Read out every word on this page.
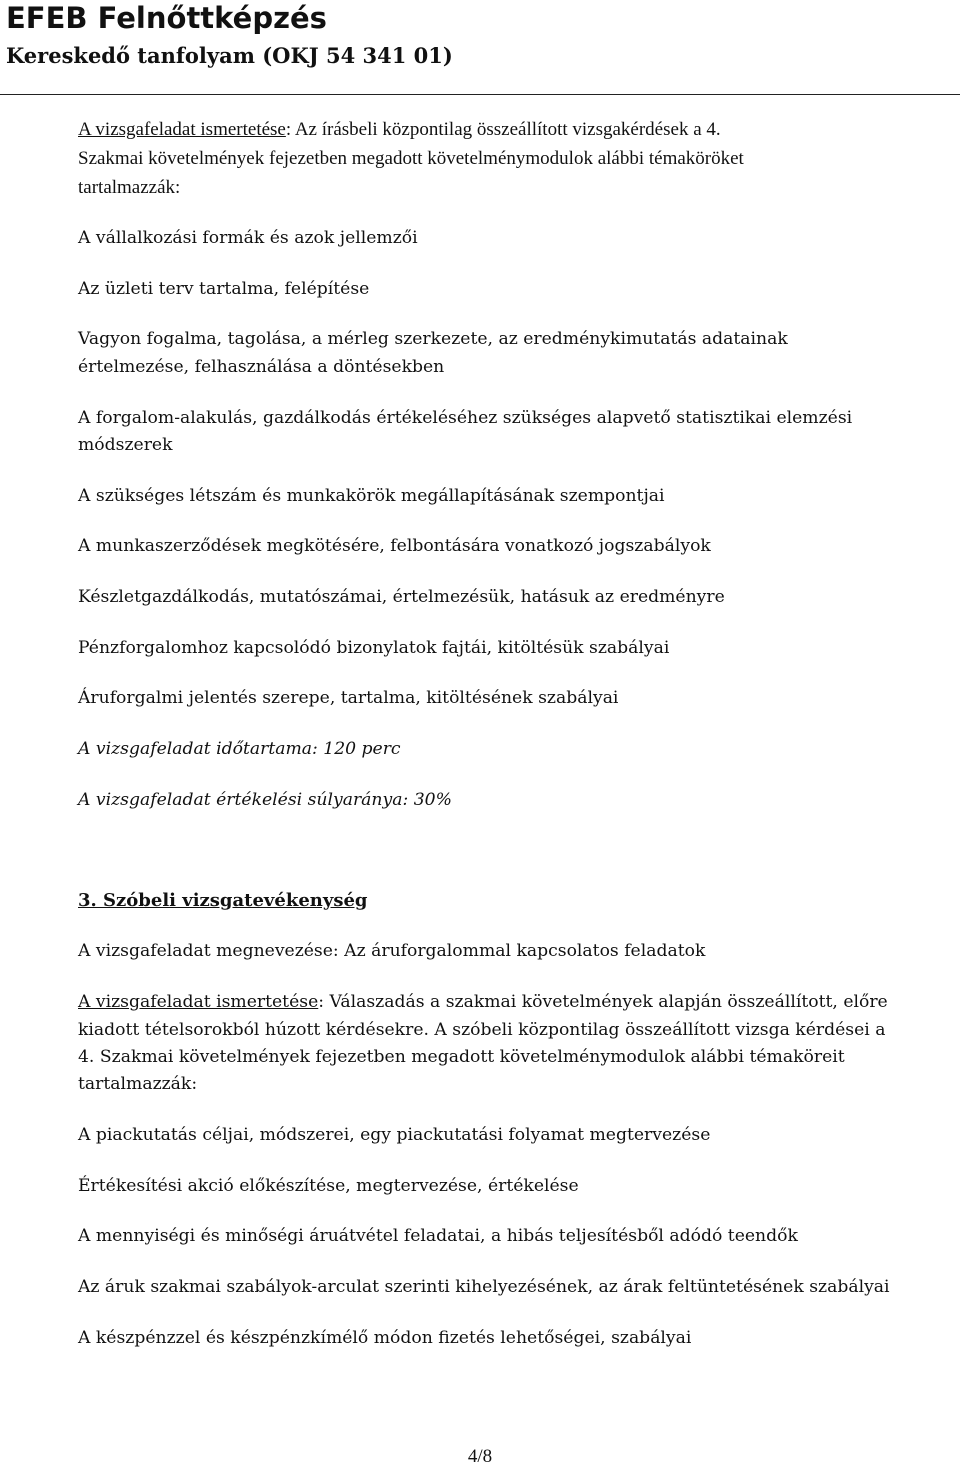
EFEB Felnőttképzés
Kereskedő tanfolyam (OKJ 54 341 01)
A vizsgafeladat ismertetése: Az írásbeli központilag összeállított vizsgakérdések a 4.
Szakmai követelmények fejezetben megadott követelménymodulok alábbi témaköröket
tartalmazzák:
A vállalkozási formák és azok jellemzői
Az üzleti terv tartalma, felépítése
Vagyon fogalma, tagolása, a mérleg szerkezete, az eredménykimutatás adatainak
értelmezése, felhasználása a döntésekben
A forgalom-alakulás, gazdálkodás értékeléséhez szükséges alapvető statisztikai elemzési
módszerek
A szükséges létszám és munkakörök megállapításának szempontjai
A munkaszerződések megkötésére, felbontására vonatkozó jogszabályok
Készletgazdálkodás, mutatószámai, értelmezésük, hatásuk az eredményre
Pénzforgalomhoz kapcsolódó bizonylatok fajtái, kitöltésük szabályai
Áruforgalmi jelentés szerepe, tartalma, kitöltésének szabályai
A vizsgafeladat időtartama: 120 perc
A vizsgafeladat értékelési súlyaránya: 30%
3. Szóbeli vizsgatevékenység
A vizsgafeladat megnevezése: Az áruforgalommal kapcsolatos feladatok
A vizsgafeladat ismertetése: Válaszadás a szakmai követelmények alapján összeállított, előre
kiadott tételsorokból húzott kérdésekre. A szóbeli központilag összeállított vizsga kérdései a
4. Szakmai követelmények fejezetben megadott követelménymodulok alábbi témaköreit
tartalmazzák:
A piackutatás céljai, módszerei, egy piackutatási folyamat megtervezése
Értékesítési akció előkészítése, megtervezése, értékelése
A mennyiségi és minőségi áruátvétel feladatai, a hibás teljesítésből adódó teendők
Az áruk szakmai szabályok-arculat szerinti kihelyezésének, az árak feltüntetésének szabályai
A készpénzzel és készpénzkímélő módon fizetés lehetőségei, szabályai
4/8
